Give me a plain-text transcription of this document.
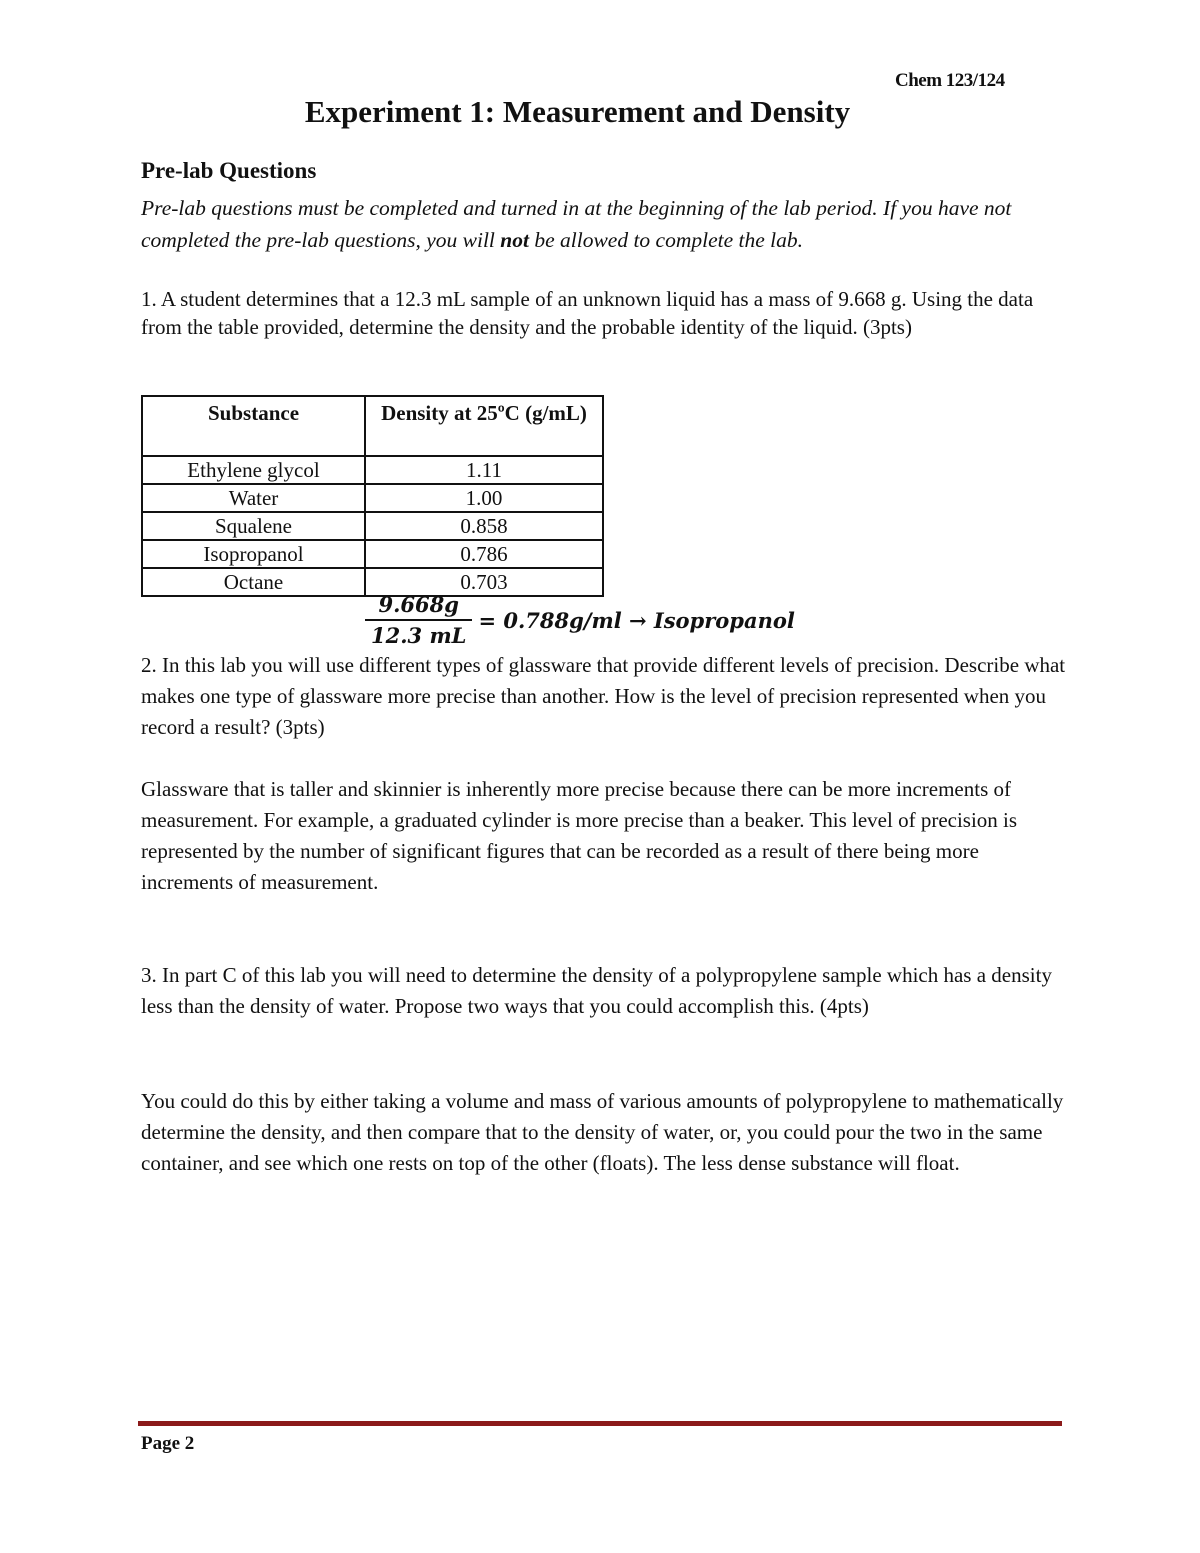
Chem 123/124
Experiment 1: Measurement and Density
Pre-lab Questions
Pre-lab questions must be completed and turned in at the beginning of the lab period. If you have not completed the pre-lab questions, you will not be allowed to complete the lab.
1. A student determines that a 12.3 mL sample of an unknown liquid has a mass of 9.668 g. Using the data from the table provided, determine the density and the probable identity of the liquid. (3pts)
Substance	Density at 25ºC (g/mL)
Ethylene glycol	1.11
Water	1.00
Squalene	0.858
Isopropanol	0.786
Octane	0.703
$\frac{9.668g}{12.3 mL} = 0.788g/ml$ → Isopropanol
2. In this lab you will use different types of glassware that provide different levels of precision. Describe what makes one type of glassware more precise than another. How is the level of precision represented when you record a result? (3pts)
Glassware that is taller and skinnier is inherently more precise because there can be more increments of measurement. For example, a graduated cylinder is more precise than a beaker. This level of precision is represented by the number of significant figures that can be recorded as a result of there being more increments of measurement.
3. In part C of this lab you will need to determine the density of a polypropylene sample which has a density less than the density of water. Propose two ways that you could accomplish this. (4pts)
You could do this by either taking a volume and mass of various amounts of polypropylene to mathematically determine the density, and then compare that to the density of water, or, you could pour the two in the same container, and see which one rests on top of the other (floats). The less dense substance will float.
Page 2
